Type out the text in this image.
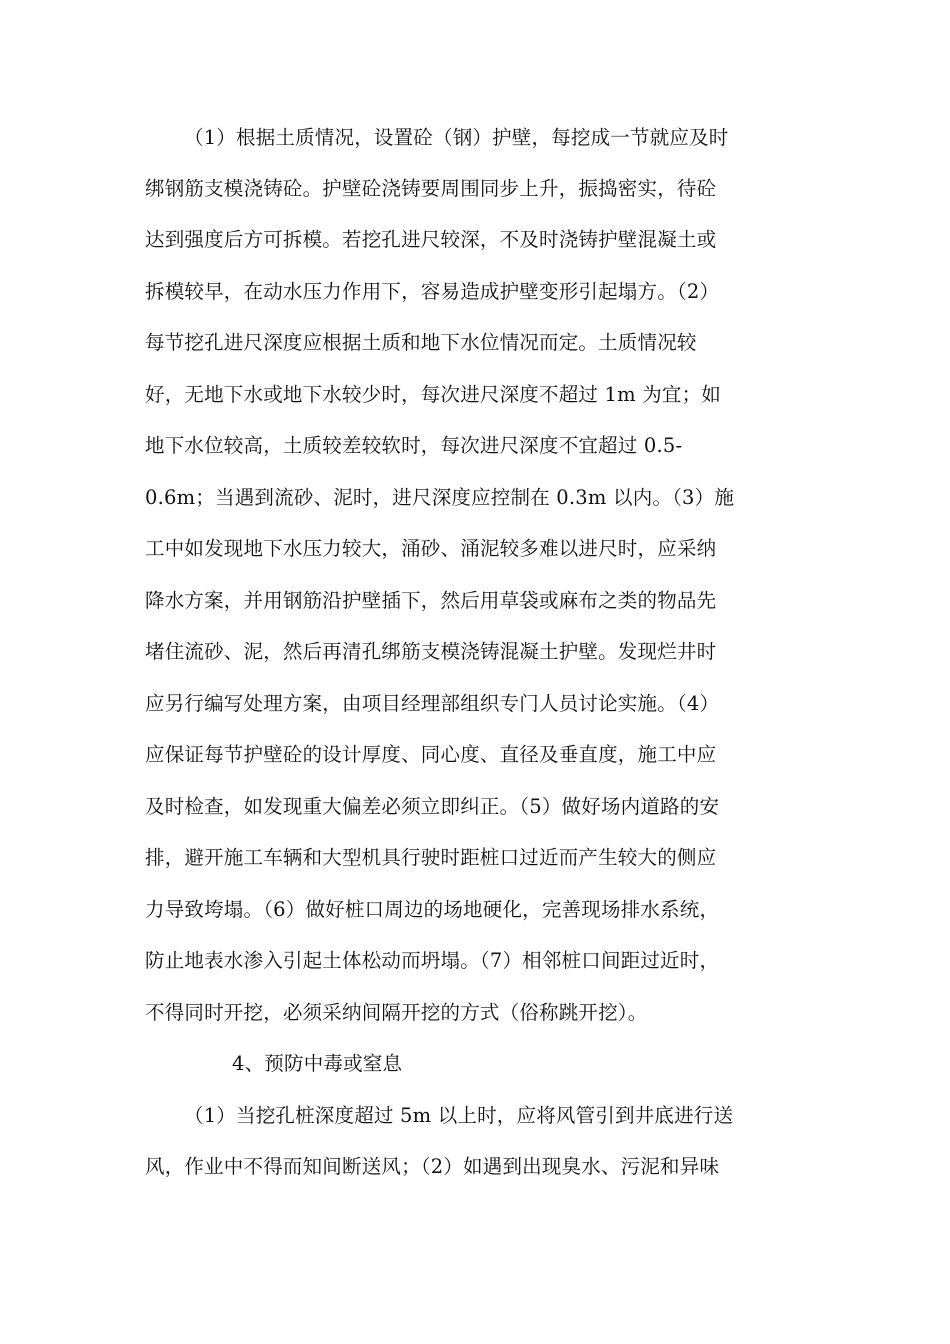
（1）根据土质情况，设置砼（钢）护壁，每挖成一节就应及时
绑钢筋支模浇铸砼。护壁砼浇铸要周围同步上升，振捣密实，待砼
达到强度后方可拆模。若挖孔进尺较深，不及时浇铸护壁混凝土或
拆模较早，在动水压力作用下，容易造成护壁变形引起塌方。（2）
每节挖孔进尺深度应根据土质和地下水位情况而定。土质情况较
好，无地下水或地下水较少时，每次进尺深度不超过 1m 为宜；如
地下水位较高，土质较差较软时，每次进尺深度不宜超过 0.5-
0.6m；当遇到流砂、泥时，进尺深度应控制在 0.3m 以内。（3）施
工中如发现地下水压力较大，涌砂、涌泥较多难以进尺时，应采纳
降水方案，并用钢筋沿护壁插下，然后用草袋或麻布之类的物品先
堵住流砂、泥，然后再清孔绑筋支模浇铸混凝土护壁。发现烂井时
应另行编写处理方案，由项目经理部组织专门人员讨论实施。（4）
应保证每节护壁砼的设计厚度、同心度、直径及垂直度，施工中应
及时检查，如发现重大偏差必须立即纠正。（5）做好场内道路的安
排，避开施工车辆和大型机具行驶时距桩口过近而产生较大的侧应
力导致垮塌。（6）做好桩口周边的场地硬化，完善现场排水系统，
防止地表水渗入引起土体松动而坍塌。（7）相邻桩口间距过近时，
不得同时开挖，必须采纳间隔开挖的方式（俗称跳开挖）。
4、预防中毒或窒息
（1）当挖孔桩深度超过 5m 以上时，应将风管引到井底进行送
风，作业中不得而知间断送风；（2）如遇到出现臭水、污泥和异味
